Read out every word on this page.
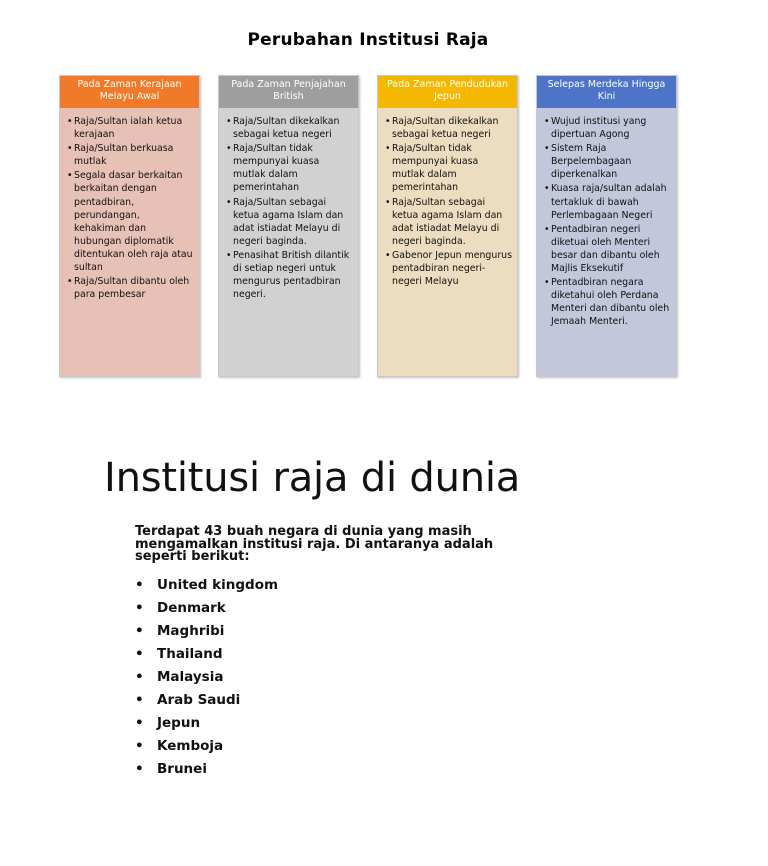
Perubahan Institusi Raja
Pada Zaman Kerajaan Melayu Awal
• Raja/Sultan ialah ketua kerajaan
• Raja/Sultan berkuasa mutlak
• Segala dasar berkaitan berkaitan dengan pentadbiran, perundangan, kehakiman dan hubungan diplomatik ditentukan oleh raja atau sultan
• Raja/Sultan dibantu oleh para pembesar
Pada Zaman Penjajahan British
• Raja/Sultan dikekalkan sebagai ketua negeri
• Raja/Sultan tidak mempunyai kuasa mutlak dalam pemerintahan
• Raja/Sultan sebagai ketua agama Islam dan adat istiadat Melayu di negeri baginda.
• Penasihat British dilantik di setiap negeri untuk mengurus pentadbiran negeri.
Pada Zaman Pendudukan Jepun
• Raja/Sultan dikekalkan sebagai ketua negeri
• Raja/Sultan tidak mempunyai kuasa mutlak dalam pemerintahan
• Raja/Sultan sebagai ketua agama Islam dan adat istiadat Melayu di negeri baginda.
• Gabenor Jepun mengurus pentadbiran negeri-negeri Melayu
Selepas Merdeka Hingga Kini
• Wujud institusi yang dipertuan Agong
• Sistem Raja Berpelembagaan diperkenalkan
• Kuasa raja/sultan adalah tertakluk di bawah Perlembagaan Negeri
• Pentadbiran negeri diketuai oleh Menteri besar dan dibantu oleh Majlis Eksekutif
• Pentadbiran negara diketahui oleh Perdana Menteri dan dibantu oleh Jemaah Menteri.
Institusi raja di dunia
Terdapat 43 buah negara di dunia yang masih mengamalkan institusi raja. Di antaranya adalah seperti berikut:
• United kingdom
• Denmark
• Maghribi
• Thailand
• Malaysia
• Arab Saudi
• Jepun
• Kemboja
• Brunei
